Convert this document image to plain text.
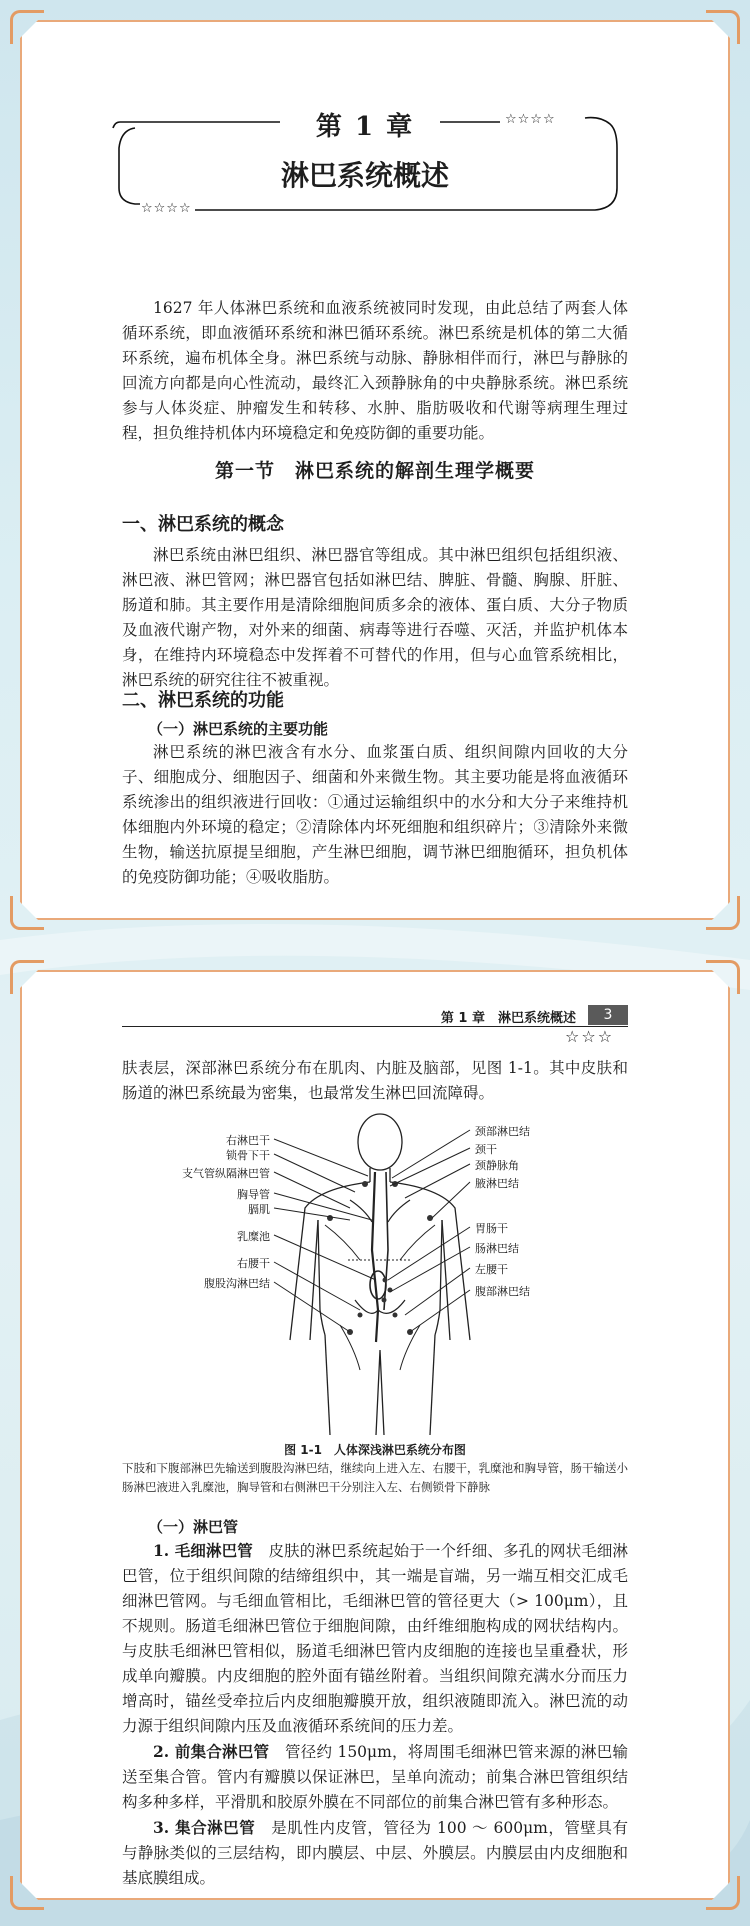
第 1 章
淋巴系统概述
☆☆☆☆
☆☆☆☆

1627 年人体淋巴系统和血液系统被同时发现，由此总结了两套人体循环系统，即血液循环系统和淋巴循环系统。淋巴系统是机体的第二大循环系统，遍布机体全身。淋巴系统与动脉、静脉相伴而行，淋巴与静脉的回流方向都是向心性流动，最终汇入颈静脉角的中央静脉系统。淋巴系统参与人体炎症、肿瘤发生和转移、水肿、脂肪吸收和代谢等病理生理过程，担负维持机体内环境稳定和免疫防御的重要功能。

第一节　淋巴系统的解剖生理学概要
一、淋巴系统的概念

淋巴系统由淋巴组织、淋巴器官等组成。其中淋巴组织包括组织液、淋巴液、淋巴管网；淋巴器官包括如淋巴结、脾脏、骨髓、胸腺、肝脏、肠道和肺。其主要作用是清除细胞间质多余的液体、蛋白质、大分子物质及血液代谢产物，对外来的细菌、病毒等进行吞噬、灭活，并监护机体本身，在维持内环境稳态中发挥着不可替代的作用，但与心血管系统相比，淋巴系统的研究往往不被重视。

二、淋巴系统的功能
（一）淋巴系统的主要功能

淋巴系统的淋巴液含有水分、血浆蛋白质、组织间隙内回收的大分子、细胞成分、细胞因子、细菌和外来微生物。其主要功能是将血液循环系统渗出的组织液进行回收：①通过运输组织中的水分和大分子来维持机体细胞内外环境的稳定；②清除体内坏死细胞和组织碎片；③清除外来微生物，输送抗原提呈细胞，产生淋巴细胞，调节淋巴细胞循环，担负机体的免疫防御功能；④吸收脂肪。

第 1 章　淋巴系统概述	3
☆☆☆

肤表层，深部淋巴系统分布在肌肉、内脏及脑部，见图 1-1。其中皮肤和肠道的淋巴系统最为密集，也最常发生淋巴回流障碍。

右淋巴干
锁骨下干
支气管纵隔淋巴管
胸导管
膈肌
乳糜池
右腰干
腹股沟淋巴结
颈部淋巴结
颈干
颈静脉角
腋淋巴结
胃肠干
肠淋巴结
左腰干
腹部淋巴结
图 1-1　人体深浅淋巴系统分布图
下肢和下腹部淋巴先输送到腹股沟淋巴结，继续向上进入左、右腰干，乳糜池和胸导管，肠干输送小肠淋巴液进入乳糜池，胸导管和右侧淋巴干分别注入左、右侧锁骨下静脉
（一）淋巴管

1. 毛细淋巴管　 皮肤的淋巴系统起始于一个纤细、多孔的网状毛细淋巴管，位于组织间隙的结缔组织中，其一端是盲端，另一端互相交汇成毛细淋巴管网。与毛细血管相比，毛细淋巴管的管径更大（> 100μm），且不规则。肠道毛细淋巴管位于细胞间隙，由纤维细胞构成的网状结构内。与皮肤毛细淋巴管相似，肠道毛细淋巴管内皮细胞的连接也呈重叠状，形成单向瓣膜。内皮细胞的腔外面有锚丝附着。当组织间隙充满水分而压力增高时，锚丝受牵拉后内皮细胞瓣膜开放，组织液随即流入。淋巴流的动力源于组织间隙内压及血液循环系统间的压力差。

2. 前集合淋巴管　 管径约 150μm，将周围毛细淋巴管来源的淋巴输送至集合管。管内有瓣膜以保证淋巴，呈单向流动；前集合淋巴管组织结构多种多样，平滑肌和胶原外膜在不同部位的前集合淋巴管有多种形态。

3. 集合淋巴管　 是肌性内皮管，管径为 100 ～ 600μm，管壁具有与静脉类似的三层结构，即内膜层、中层、外膜层。内膜层由内皮细胞和基底膜组成。
